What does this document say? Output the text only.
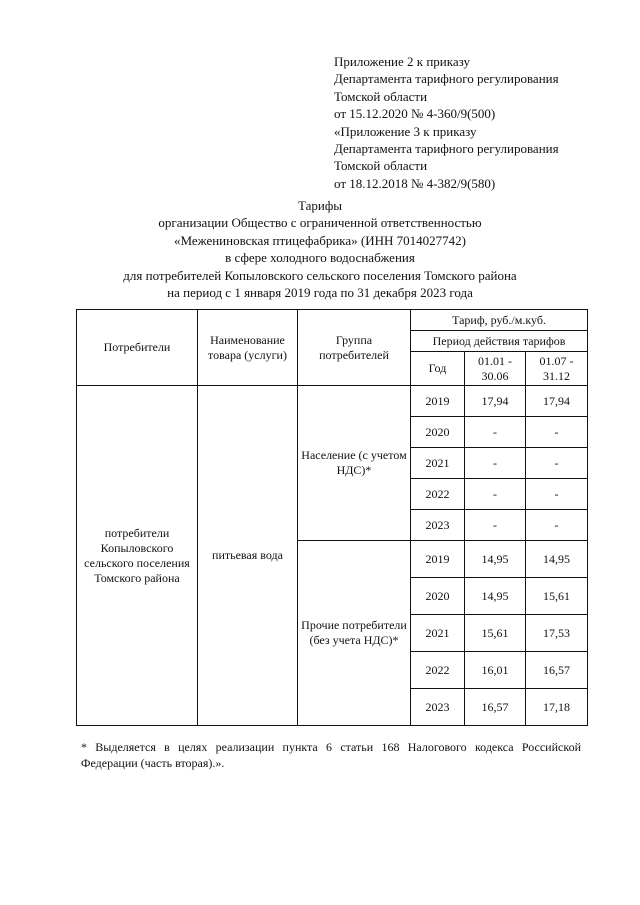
Приложение 2 к приказу
Департамента тарифного регулирования
Томской области
от 15.12.2020 № 4-360/9(500)
«Приложение 3 к приказу
Департамента тарифного регулирования
Томской области
от 18.12.2018 № 4-382/9(580)
Тарифы
организации Общество с ограниченной ответственностью
«Межениновская птицефабрика» (ИНН 7014027742)
в сфере холодного водоснабжения
для потребителей Копыловского сельского поселения Томского района
на период с 1 января 2019 года по 31 декабря 2023 года
Потребители	Наименование товара (услуги)	Группа потребителей	Тариф, руб./м.куб.		
			Период действия тарифов		
			Год	01.01 - 30.06	01.07 - 31.12
потребители Копыловского сельского поселения Томского района	питьевая вода	Население (с учетом НДС)*	2019	17,94	17,94
			2020	-	-
			2021	-	-
			2022	-	-
			2023	-	-
		Прочие потребители (без учета НДС)*	2019	14,95	14,95
			2020	14,95	15,61
			2021	15,61	17,53
			2022	16,01	16,57
			2023	16,57	17,18
* Выделяется в целях реализации пункта 6 статьи 168 Налогового кодекса Российской Федерации (часть вторая).».
